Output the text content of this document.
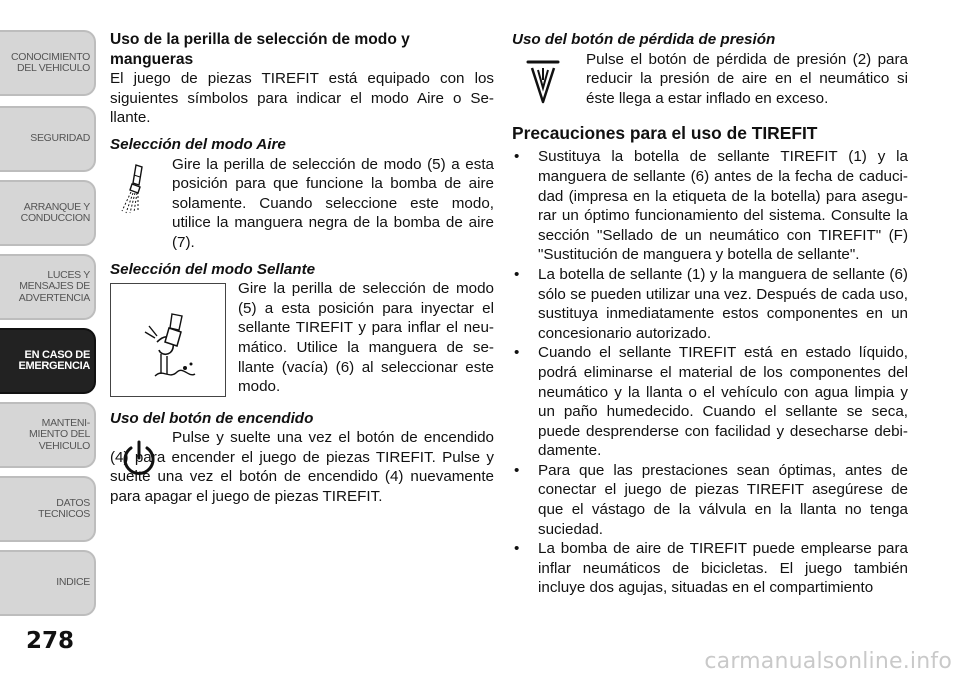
CONOCIMIENTO
DEL VEHICULO
SEGURIDAD
ARRANQUE Y
CONDUCCION
LUCES Y
MENSAJES DE
ADVERTENCIA
EN CASO DE
EMERGENCIA
MANTENI-
MIENTO DEL
VEHICULO
DATOS
TECNICOS
INDICE
278
Uso de la perilla de selección de modo y mangueras

El juego de piezas TIREFIT está equipado con los siguientes símbolos para indicar el modo Aire o Se-llante.

Selección del modo Aire

Gire la perilla de selección de modo (5) a esta posición para que funcione la bomba de aire solamente. Cuando seleccione este modo, utilice la manguera negra de la bomba de aire (7).

Selección del modo Sellante

Gire la perilla de selección de modo (5) a esta posición para inyectar el sellante TIREFIT y para inflar el neu-mático. Utilice la manguera de se-llante (vacía) (6) al seleccionar este modo.

Uso del botón de encendido

Pulse y suelte una vez el botón de encendido (4) para encender el juego de piezas TIREFIT. Pulse y suelte una vez el botón de encendido (4) nuevamente para apagar el juego de piezas TIREFIT.

Uso del botón de pérdida de presión

Pulse el botón de pérdida de presión (2) para reducir la presión de aire en el neumático si éste llega a estar inflado en exceso.

Precauciones para el uso de TIREFIT
• Sustituya la botella de sellante TIREFIT (1) y la manguera de sellante (6) antes de la fecha de caduci-dad (impresa en la etiqueta de la botella) para asegu-rar un óptimo funcionamiento del sistema. Consulte la sección "Sellado de un neumático con TIREFIT" (F) "Sustitución de manguera y botella de sellante".
• La botella de sellante (1) y la manguera de sellante (6) sólo se pueden utilizar una vez. Después de cada uso, sustituya inmediatamente estos componentes en un concesionario autorizado.
• Cuando el sellante TIREFIT está en estado líquido, podrá eliminarse el material de los componentes del neumático y la llanta o el vehículo con agua limpia y un paño humedecido. Cuando el sellante se seca, puede desprenderse con facilidad y desecharse debi-damente.
• Para que las prestaciones sean óptimas, antes de conectar el juego de piezas TIREFIT asegúrese de que el vástago de la válvula en la llanta no tenga suciedad.
• La bomba de aire de TIREFIT puede emplearse para inflar neumáticos de bicicletas. El juego también incluye dos agujas, situadas en el compartimiento
carmanualsonline.info
